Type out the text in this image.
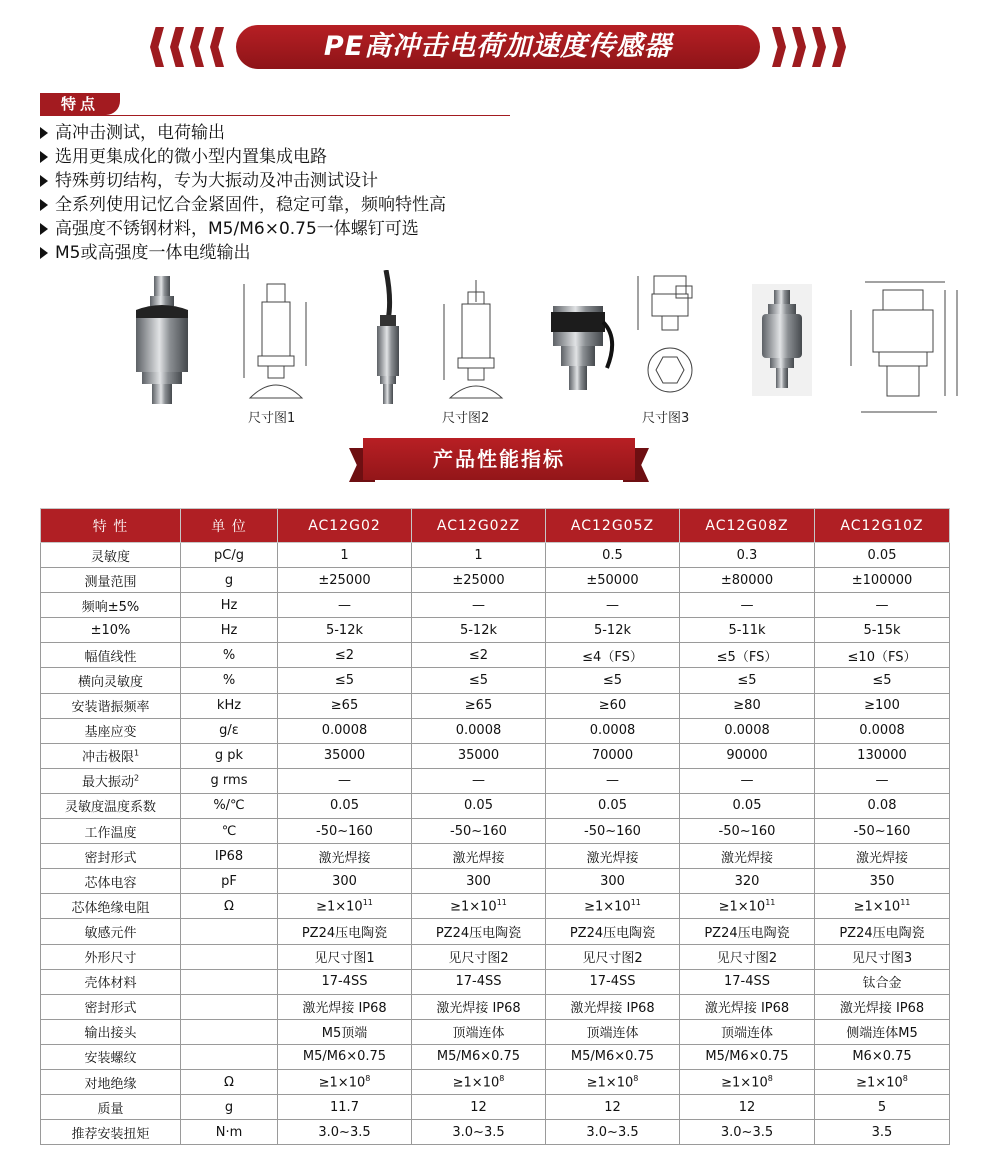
PE高冲击电荷加速度传感器
特点
高冲击测试，电荷输出
选用更集成化的微小型内置集成电路
特殊剪切结构，专为大振动及冲击测试设计
全系列使用记忆合金紧固件，稳定可靠，频响特性高
高强度不锈钢材料，M5/M6×0.75一体螺钉可选
M5或高强度一体电缆输出
尺寸图1	尺寸图2	尺寸图3
产品性能指标
特 性	单 位	AC12G02	AC12G02Z	AC12G05Z	AC12G08Z	AC12G10Z
灵敏度	pC/g	1	1	0.5	0.3	0.05
测量范围	g	±25000	±25000	±50000	±80000	±100000
频响±5%	Hz	—	—	—	—	—
±10%	Hz	5-12k	5-12k	5-12k	5-11k	5-15k
幅值线性	%	≤2	≤2	≤4（FS）	≤5（FS）	≤10（FS）
横向灵敏度	%	≤5	≤5	≤5	≤5	≤5
安装谐振频率	kHz	≥65	≥65	≥60	≥80	≥100
基座应变	g/ε	0.0008	0.0008	0.0008	0.0008	0.0008
冲击极限$^1$	g pk	35000	35000	70000	90000	130000
最大振动$^2$	g rms	—	—	—	—	—
灵敏度温度系数	%/℃	0.05	0.05	0.05	0.05	0.08
工作温度	℃	-50~160	-50~160	-50~160	-50~160	-50~160
密封形式	IP68	激光焊接	激光焊接	激光焊接	激光焊接	激光焊接
芯体电容	pF	300	300	300	320	350
芯体绝缘电阻	Ω	$\ge 1\times 10^{11}$	$\ge 1\times 10^{11}$	$\ge 1\times 10^{11}$	$\ge 1\times 10^{11}$	$\ge 1\times 10^{11}$
敏感元件		PZ24压电陶瓷	PZ24压电陶瓷	PZ24压电陶瓷	PZ24压电陶瓷	PZ24压电陶瓷
外形尺寸		见尺寸图1	见尺寸图2	见尺寸图2	见尺寸图2	见尺寸图3
壳体材料		17-4SS	17-4SS	17-4SS	17-4SS	钛合金
密封形式		激光焊接 IP68	激光焊接 IP68	激光焊接 IP68	激光焊接 IP68	激光焊接 IP68
输出接头		M5顶端	顶端连体	顶端连体	顶端连体	侧端连体M5
安装螺纹		M5/M6×0.75	M5/M6×0.75	M5/M6×0.75	M5/M6×0.75	M6×0.75
对地绝缘	Ω	$\ge 1\times 10^8$	$\ge 1\times 10^8$	$\ge 1\times 10^8$	$\ge 1\times 10^8$	$\ge 1\times 10^8$
质量	g	11.7	12	12	12	5
推荐安装扭矩	N·m	3.0~3.5	3.0~3.5	3.0~3.5	3.0~3.5	3.5
